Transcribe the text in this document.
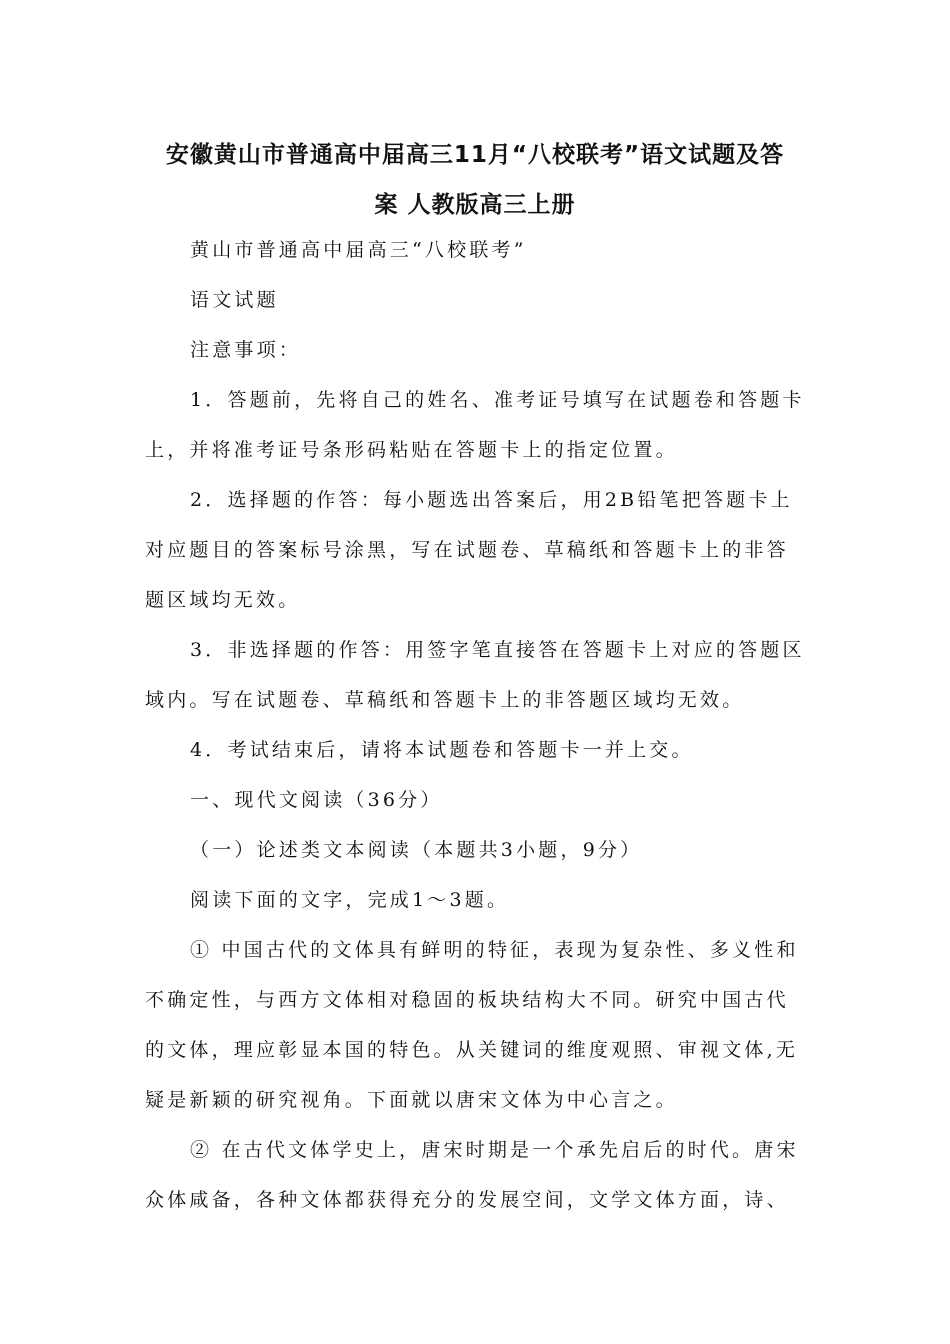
安徽黄山市普通高中届高三11月“八校联考”语文试题及答
案 人教版高三上册
黄山市普通高中届高三“八校联考”
语文试题
注意事项：
1．答题前，先将自己的姓名、准考证号填写在试题卷和答题卡
上，并将准考证号条形码粘贴在答题卡上的指定位置。
2．选择题的作答：每小题选出答案后，用2B铅笔把答题卡上
对应题目的答案标号涂黑，写在试题卷、草稿纸和答题卡上的非答
题区域均无效。
3．非选择题的作答：用签字笔直接答在答题卡上对应的答题区
域内。写在试题卷、草稿纸和答题卡上的非答题区域均无效。
4．考试结束后，请将本试题卷和答题卡一并上交。
一、现代文阅读（36分）
（一）论述类文本阅读（本题共3小题，9分）
阅读下面的文字，完成1～3题。
① 中国古代的文体具有鲜明的特征，表现为复杂性、多义性和
不确定性，与西方文体相对稳固的板块结构大不同。研究中国古代
的文体，理应彰显本国的特色。从关键词的维度观照、审视文体,无
疑是新颖的研究视角。下面就以唐宋文体为中心言之。
② 在古代文体学史上，唐宋时期是一个承先启后的时代。唐宋
众体咸备，各种文体都获得充分的发展空间，文学文体方面，诗、
